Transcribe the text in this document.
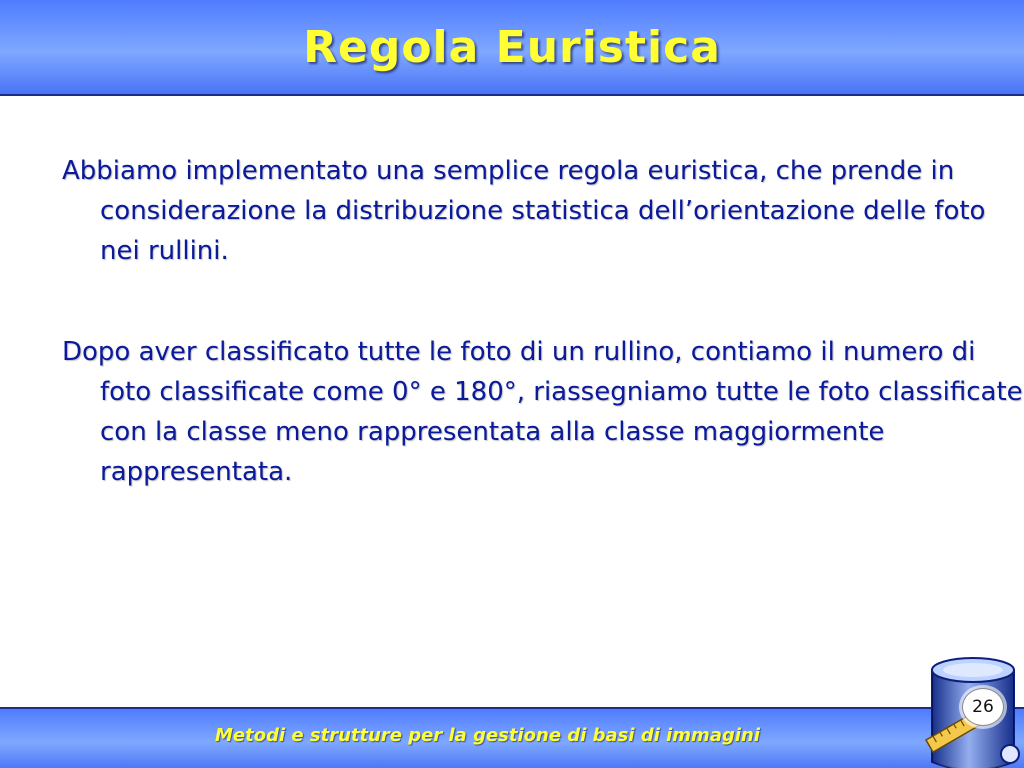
Regola Euristica

Abbiamo implementato una semplice regola euristica, che prende in considerazione la distribuzione statistica dell’orientazione delle foto nei rullini.

Dopo aver classificato tutte le foto di un rullino, contiamo il numero di foto classificate come 0° e 180°, riassegniamo tutte le foto classificate con la classe meno rappresentata alla classe maggiormente rappresentata.

Metodi e strutture per la gestione di basi di immagini
26
